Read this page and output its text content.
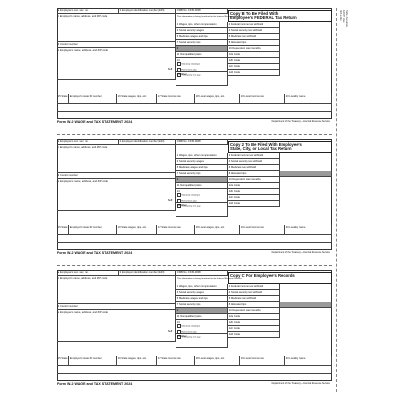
Safe, Accurate,
FAST! Use
IRS e-file
a Employee's soc. sec. no.	b Employer identification number (EIN)	OMB No. 1545-0008
c Employer's name, address, and ZIP code
1 Wages, tips, other compensation	2 Federal income tax withheld
3 Social security wages	4 Social security tax withheld
5 Medicare wages and tips	6 Medicare tax withheld
7 Social security tips	8 Allocated tips
d Control number
9	10 Dependent care benefits
e Employee's name, address, and ZIP code
Suff.
11 Nonqualified plans	12a Code
13
Statutory employee
Retirement plan
Third-party sick pay
12b Code
12c Code
14 Other
12d Code
15 State Employer's state ID number	16 State wages, tips, etc.	17 State income tax	18 Local wages, tips, etc.	19 Local income tax	20 Locality name
Copy B To Be Filed With
Employee's FEDERAL Tax Return
This information is being furnished to the Internal Revenue Service.
Form W-2 WAGE and TAX STATEMENT 2024	Department of the Treasury—Internal Revenue Service
a Employee's soc. sec. no.	b Employer identification number (EIN)	OMB No. 1545-0008
c Employer's name, address, and ZIP code
1 Wages, tips, other compensation	2 Federal income tax withheld
3 Social security wages	4 Social security tax withheld
5 Medicare wages and tips	6 Medicare tax withheld
7 Social security tips	8 Allocated tips
d Control number
9	10 Dependent care benefits
e Employee's name, address, and ZIP code
Suff.
11 Nonqualified plans	12a Code
13
Statutory employee
Retirement plan
Third-party sick pay
12b Code
12c Code
14 Other
12d Code
15 State Employer's state ID number	16 State wages, tips, etc.	17 State income tax	18 Local wages, tips, etc.	19 Local income tax	20 Locality name
Copy 2 To Be Filed With Employee's
State, City, or Local Tax Return
Form W-2 WAGE and TAX STATEMENT 2024	Department of the Treasury—Internal Revenue Service
a Employee's soc. sec. no.	b Employer identification number (EIN)	OMB No. 1545-0008
c Employer's name, address, and ZIP code
1 Wages, tips, other compensation	2 Federal income tax withheld
3 Social security wages	4 Social security tax withheld
5 Medicare wages and tips	6 Medicare tax withheld
7 Social security tips	8 Allocated tips
d Control number
9	10 Dependent care benefits
e Employee's name, address, and ZIP code
Suff.
11 Nonqualified plans	12a Code
13
Statutory employee
Retirement plan
Third-party sick pay
12b Code
12c Code
14 Other
12d Code
15 State Employer's state ID number	16 State wages, tips, etc.	17 State income tax	18 Local wages, tips, etc.	19 Local income tax	20 Locality name
Copy C For Employee's Records
This information is being furnished to the Internal Revenue Service.
Form W-2 WAGE and TAX STATEMENT 2024	Department of the Treasury—Internal Revenue Service
